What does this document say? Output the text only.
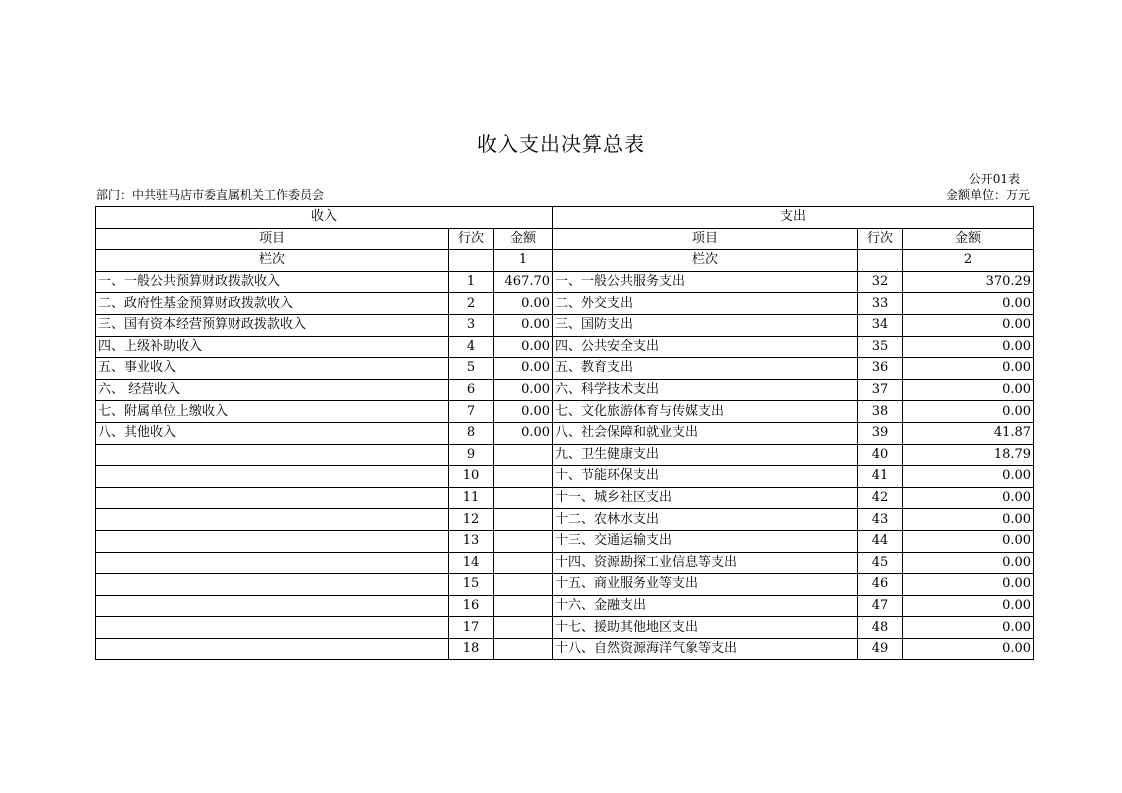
收入支出决算总表
公开01表
部门：中共驻马店市委直属机关工作委员会	金额单位：万元
收入			支出		
项目	行次	金额	项目	行次	金额
栏次		1	栏次		2
一、一般公共预算财政拨款收入	1	467.70	一、一般公共服务支出	32	370.29
二、政府性基金预算财政拨款收入	2	0.00	二、外交支出	33	0.00
三、国有资本经营预算财政拨款收入	3	0.00	三、国防支出	34	0.00
四、上级补助收入	4	0.00	四、公共安全支出	35	0.00
五、事业收入	5	0.00	五、教育支出	36	0.00
六、 经营收入	6	0.00	六、科学技术支出	37	0.00
七、附属单位上缴收入	7	0.00	七、文化旅游体育与传媒支出	38	0.00
八、其他收入	8	0.00	八、社会保障和就业支出	39	41.87
	9		九、卫生健康支出	40	18.79
	10		十、节能环保支出	41	0.00
	11		十一、城乡社区支出	42	0.00
	12		十二、农林水支出	43	0.00
	13		十三、交通运输支出	44	0.00
	14		十四、资源勘探工业信息等支出	45	0.00
	15		十五、商业服务业等支出	46	0.00
	16		十六、金融支出	47	0.00
	17		十七、援助其他地区支出	48	0.00
	18		十八、自然资源海洋气象等支出	49	0.00
